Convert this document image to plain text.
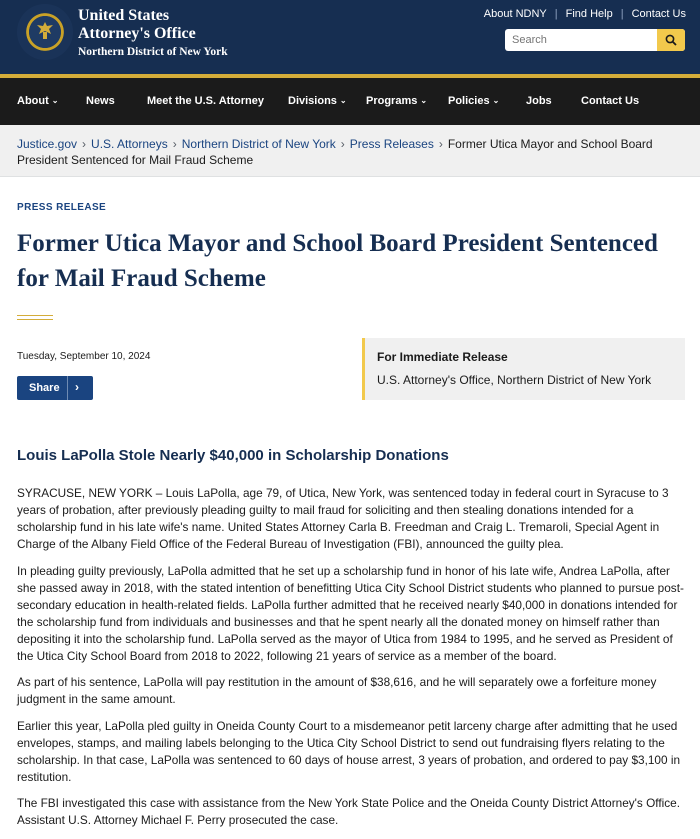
United States
Attorney's Office
Northern District of New York
About NDNY | Find Help | Contact Us
Search
About ⌄	News	Meet the U.S. Attorney Divisions ⌄ Programs ⌄ Policies ⌄ Jobs	Contact Us
Justice.gov › U.S. Attorneys › Northern District of New York › Press Releases › Former Utica Mayor and School Board President Sentenced for Mail Fraud Scheme
PRESS RELEASE
Former Utica Mayor and School Board President Sentenced for Mail Fraud Scheme
Tuesday, September 10, 2024
Share ›
For Immediate Release
U.S. Attorney's Office, Northern District of New York
Louis LaPolla Stole Nearly $40,000 in Scholarship Donations

SYRACUSE, NEW YORK – Louis LaPolla, age 79, of Utica, New York, was sentenced today in federal court in Syracuse to 3 years of probation, after previously pleading guilty to mail fraud for soliciting and then stealing donations intended for a scholarship fund in his late wife's name. United States Attorney Carla B. Freedman and Craig L. Tremaroli, Special Agent in Charge of the Albany Field Office of the Federal Bureau of Investigation (FBI), announced the guilty plea.

In pleading guilty previously, LaPolla admitted that he set up a scholarship fund in honor of his late wife, Andrea LaPolla, after she passed away in 2018, with the stated intention of benefitting Utica City School District students who planned to pursue post-secondary education in health-related fields. LaPolla further admitted that he received nearly $40,000 in donations intended for the scholarship fund from individuals and businesses and that he spent nearly all the donated money on himself rather than depositing it into the scholarship fund. LaPolla served as the mayor of Utica from 1984 to 1995, and he served as President of the Utica City School Board from 2018 to 2022, following 21 years of service as a member of the board.

As part of his sentence, LaPolla will pay restitution in the amount of $38,616, and he will separately owe a forfeiture money judgment in the same amount.

Earlier this year, LaPolla pled guilty in Oneida County Court to a misdemeanor petit larceny charge after admitting that he used envelopes, stamps, and mailing labels belonging to the Utica City School District to send out fundraising flyers relating to the scholarship. In that case, LaPolla was sentenced to 60 days of house arrest, 3 years of probation, and ordered to pay $3,100 in restitution.

The FBI investigated this case with assistance from the New York State Police and the Oneida County District Attorney's Office. Assistant U.S. Attorney Michael F. Perry prosecuted the case.
